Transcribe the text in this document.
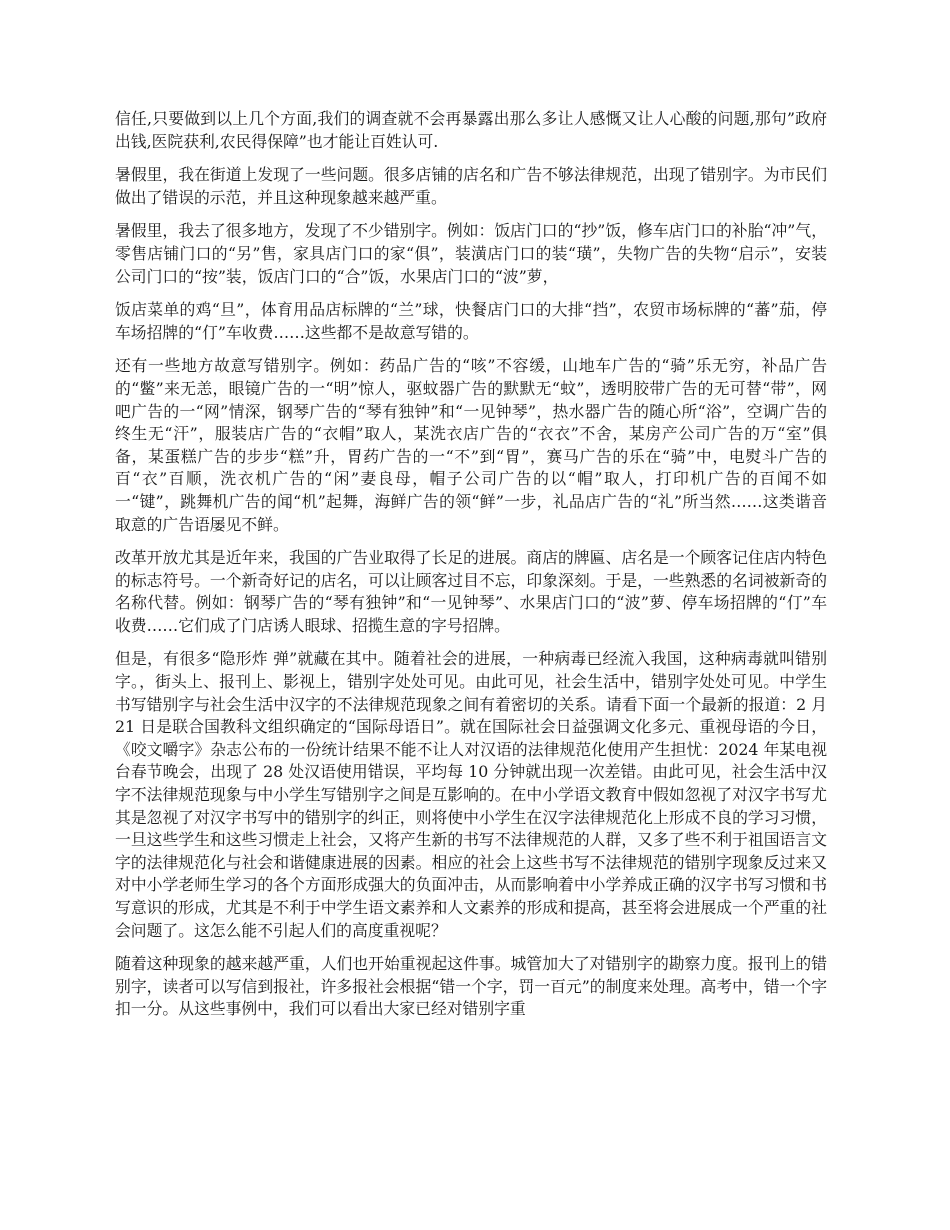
信任,只要做到以上几个方面,我们的调查就不会再暴露出那么多让人感慨又让人心酸的问题,那句”政府出钱,医院获利,农民得保障”也才能让百姓认可.

暑假里，我在街道上发现了一些问题。很多店铺的店名和广告不够法律规范，出现了错别字。为市民们做出了错误的示范，并且这种现象越来越严重。

暑假里，我去了很多地方，发现了不少错别字。例如：饭店门口的“抄”饭，修车店门口的补胎“冲”气，零售店铺门口的“另”售，家具店门口的家“俱”，装潢店门口的装“璜”，失物广告的失物“启示”，安装公司门口的“按”装，饭店门口的“合”饭，水果店门口的“波”萝，

饭店菜单的鸡“旦”，体育用品店标牌的“兰”球，快餐店门口的大排“挡”，农贸市场标牌的“蕃”茄，停车场招牌的“仃”车收费……这些都不是故意写错的。

还有一些地方故意写错别字。例如：药品广告的“咳”不容缓，山地车广告的“骑”乐无穷，补品广告的“鳖”来无恙，眼镜广告的一“明”惊人，驱蚊器广告的默默无“蚊”，透明胶带广告的无可替“带”，网吧广告的一“网”情深，钢琴广告的“琴有独钟”和“一见钟琴”，热水器广告的随心所“浴”，空调广告的终生无“汗”，服装店广告的“衣帽”取人，某洗衣店广告的“衣衣”不舍，某房产公司广告的万“室”俱备，某蛋糕广告的步步“糕”升，胃药广告的一“不”到“胃”，赛马广告的乐在“骑”中，电熨斗广告的百“衣”百顺，洗衣机广告的“闲”妻良母，帽子公司广告的以“帽”取人，打印机广告的百闻不如一“键”，跳舞机广告的闻“机”起舞，海鲜广告的领“鲜”一步，礼品店广告的“礼”所当然……这类谐音取意的广告语屡见不鲜。

改革开放尤其是近年来，我国的广告业取得了长足的进展。商店的牌匾、店名是一个顾客记住店内特色的标志符号。一个新奇好记的店名，可以让顾客过目不忘，印象深刻。于是，一些熟悉的名词被新奇的名称代替。例如：钢琴广告的“琴有独钟”和“一见钟琴”、水果店门口的“波”萝、停车场招牌的“仃”车收费……它们成了门店诱人眼球、招揽生意的字号招牌。

但是，有很多“隐形炸 弹”就藏在其中。随着社会的进展，一种病毒已经流入我国，这种病毒就叫错别字。，街头上、报刊上、影视上，错别字处处可见。由此可见，社会生活中，错别字处处可见。中学生书写错别字与社会生活中汉字的不法律规范现象之间有着密切的关系。请看下面一个最新的报道：2 月 21 日是联合国教科文组织确定的“国际母语日”。就在国际社会日益强调文化多元、重视母语的今日，《咬文嚼字》杂志公布的一份统计结果不能不让人对汉语的法律规范化使用产生担忧：2024 年某电视台春节晚会，出现了 28 处汉语使用错误，平均每 10 分钟就出现一次差错。由此可见，社会生活中汉字不法律规范现象与中小学生写错别字之间是互影响的。在中小学语文教育中假如忽视了对汉字书写尤其是忽视了对汉字书写中的错别字的纠正，则将使中小学生在汉字法律规范化上形成不良的学习习惯，一旦这些学生和这些习惯走上社会，又将产生新的书写不法律规范的人群，又多了些不利于祖国语言文字的法律规范化与社会和谐健康进展的因素。相应的社会上这些书写不法律规范的错别字现象反过来又对中小学老师生学习的各个方面形成强大的负面冲击，从而影响着中小学养成正确的汉字书写习惯和书写意识的形成，尤其是不利于中学生语文素养和人文素养的形成和提高，甚至将会进展成一个严重的社会问题了。这怎么能不引起人们的高度重视呢？

随着这种现象的越来越严重，人们也开始重视起这件事。城管加大了对错别字的勘察力度。报刊上的错别字，读者可以写信到报社，许多报社会根据“错一个字，罚一百元”的制度来处理。高考中，错一个字扣一分。从这些事例中，我们可以看出大家已经对错别字重
